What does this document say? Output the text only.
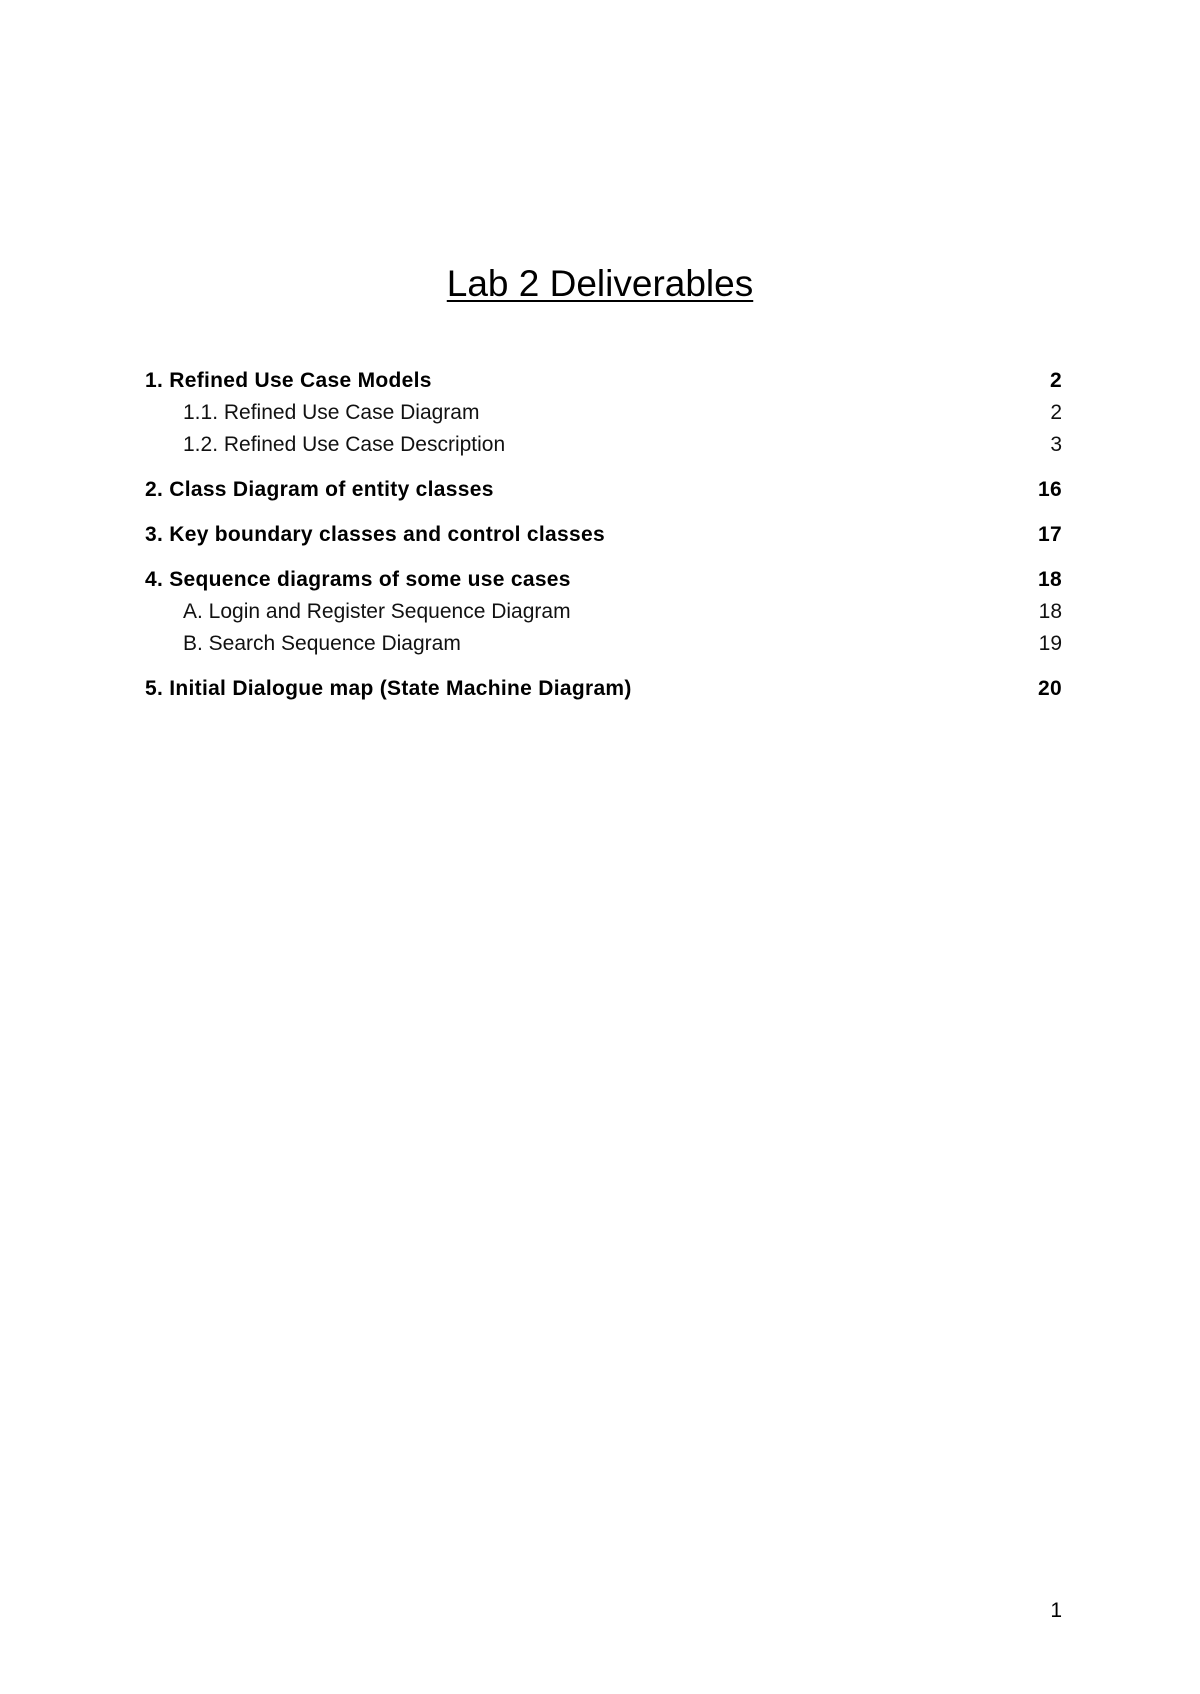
Lab 2 Deliverables
1. Refined Use Case Models	2
1.1. Refined Use Case Diagram	2
1.2. Refined Use Case Description	3
2. Class Diagram of entity classes	16
3. Key boundary classes and control classes	17
4. Sequence diagrams of some use cases	18
A. Login and Register Sequence Diagram	18
B. Search Sequence Diagram	19
5. Initial Dialogue map (State Machine Diagram)	20
1
